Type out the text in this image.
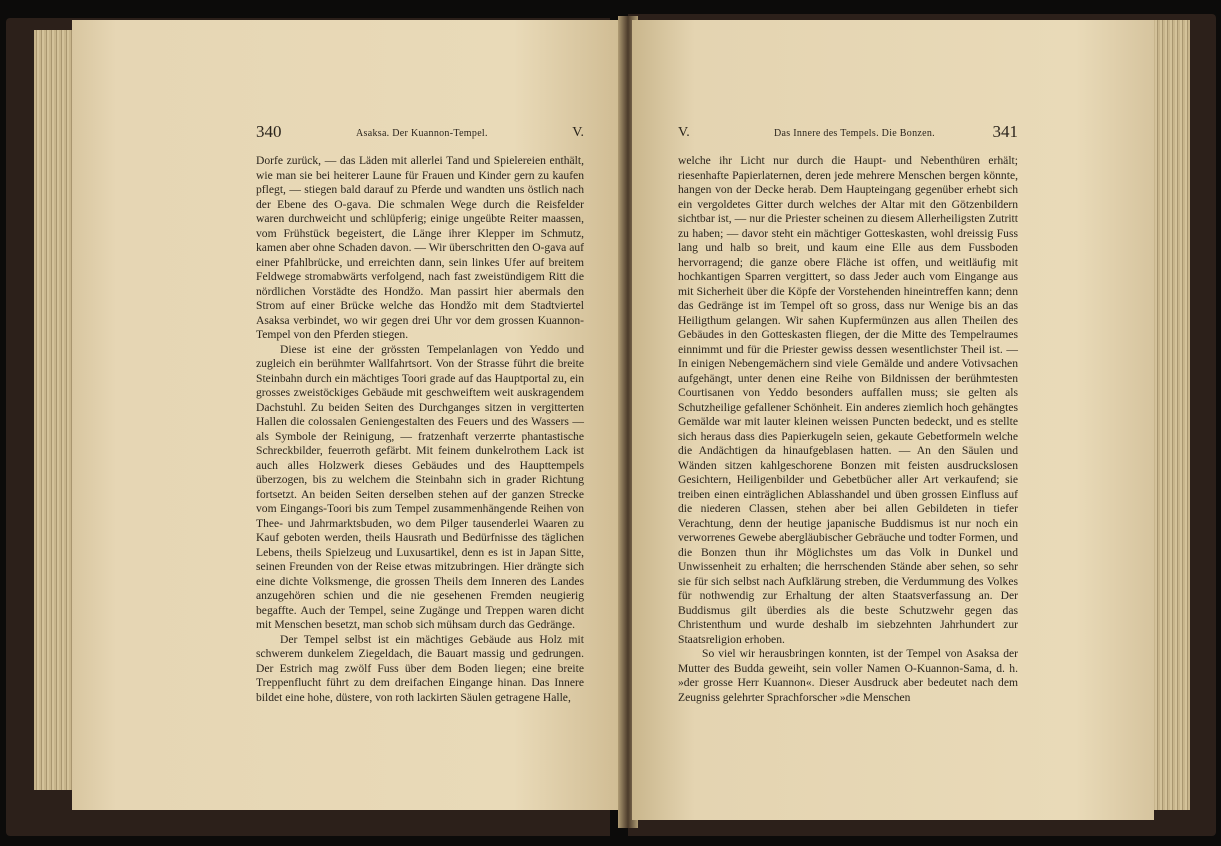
340	Asaksa. Der Kuannon-Tempel.	V.

Dorfe zurück, — das Läden mit allerlei Tand und Spielereien enthält, wie man sie bei heiterer Laune für Frauen und Kinder gern zu kaufen pflegt, — stiegen bald darauf zu Pferde und wandten uns östlich nach der Ebene des O-gava. Die schmalen Wege durch die Reisfelder waren durchweicht und schlüpferig; einige ungeübte Reiter maassen, vom Frühstück begeistert, die Länge ihrer Klepper im Schmutz, kamen aber ohne Schaden davon. — Wir überschritten den O-gava auf einer Pfahlbrücke, und erreichten dann, sein linkes Ufer auf breitem Feldwege stromabwärts verfolgend, nach fast zweistündigem Ritt die nördlichen Vorstädte des Hondžo. Man passirt hier abermals den Strom auf einer Brücke welche das Hondžo mit dem Stadtviertel Asaksa verbindet, wo wir gegen drei Uhr vor dem grossen Kuannon-Tempel von den Pferden stiegen.

Diese ist eine der grössten Tempelanlagen von Yeddo und zugleich ein berühmter Wallfahrtsort. Von der Strasse führt die breite Steinbahn durch ein mächtiges Toori grade auf das Hauptportal zu, ein grosses zweistöckiges Gebäude mit geschweiftem weit auskragendem Dachstuhl. Zu beiden Seiten des Durchganges sitzen in vergitterten Hallen die colossalen Geniengestalten des Feuers und des Wassers — als Symbole der Reinigung, — fratzenhaft verzerrte phantastische Schreckbilder, feuerroth gefärbt. Mit feinem dunkelrothem Lack ist auch alles Holzwerk dieses Gebäudes und des Haupttempels überzogen, bis zu welchem die Steinbahn sich in grader Richtung fortsetzt. An beiden Seiten derselben stehen auf der ganzen Strecke vom Eingangs-Toori bis zum Tempel zusammenhängende Reihen von Thee- und Jahrmarktsbuden, wo dem Pilger tausenderlei Waaren zu Kauf geboten werden, theils Hausrath und Bedürfnisse des täglichen Lebens, theils Spielzeug und Luxusartikel, denn es ist in Japan Sitte, seinen Freunden von der Reise etwas mitzubringen. Hier drängte sich eine dichte Volksmenge, die grossen Theils dem Inneren des Landes anzugehören schien und die nie gesehenen Fremden neugierig begaffte. Auch der Tempel, seine Zugänge und Treppen waren dicht mit Menschen besetzt, man schob sich mühsam durch das Gedränge.

Der Tempel selbst ist ein mächtiges Gebäude aus Holz mit schwerem dunkelem Ziegeldach, die Bauart massig und gedrungen. Der Estrich mag zwölf Fuss über dem Boden liegen; eine breite Treppenflucht führt zu dem dreifachen Eingange hinan. Das Innere bildet eine hohe, düstere, von roth lackirten Säulen getragene Halle,

V.	Das Innere des Tempels. Die Bonzen.	341

welche ihr Licht nur durch die Haupt- und Nebenthüren erhält; riesenhafte Papierlaternen, deren jede mehrere Menschen bergen könnte, hangen von der Decke herab. Dem Haupteingang gegenüber erhebt sich ein vergoldetes Gitter durch welches der Altar mit den Götzenbildern sichtbar ist, — nur die Priester scheinen zu diesem Allerheiligsten Zutritt zu haben; — davor steht ein mächtiger Gotteskasten, wohl dreissig Fuss lang und halb so breit, und kaum eine Elle aus dem Fussboden hervorragend; die ganze obere Fläche ist offen, und weitläufig mit hochkantigen Sparren vergittert, so dass Jeder auch vom Eingange aus mit Sicherheit über die Köpfe der Vorstehenden hineintreffen kann; denn das Gedränge ist im Tempel oft so gross, dass nur Wenige bis an das Heiligthum gelangen. Wir sahen Kupfermünzen aus allen Theilen des Gebäudes in den Gotteskasten fliegen, der die Mitte des Tempelraumes einnimmt und für die Priester gewiss dessen wesentlichster Theil ist. — In einigen Nebengemächern sind viele Gemälde und andere Votivsachen aufgehängt, unter denen eine Reihe von Bildnissen der berühmtesten Courtisanen von Yeddo besonders auffallen muss; sie gelten als Schutzheilige gefallener Schönheit. Ein anderes ziemlich hoch gehängtes Gemälde war mit lauter kleinen weissen Puncten bedeckt, und es stellte sich heraus dass dies Papierkugeln seien, gekaute Gebetformeln welche die Andächtigen da hinaufgeblasen hatten. — An den Säulen und Wänden sitzen kahlgeschorene Bonzen mit feisten ausdruckslosen Gesichtern, Heiligenbilder und Gebetbücher aller Art verkaufend; sie treiben einen einträglichen Ablasshandel und üben grossen Einfluss auf die niederen Classen, stehen aber bei allen Gebildeten in tiefer Verachtung, denn der heutige japanische Buddismus ist nur noch ein verworrenes Gewebe abergläubischer Gebräuche und todter Formen, und die Bonzen thun ihr Möglichstes um das Volk in Dunkel und Unwissenheit zu erhalten; die herrschenden Stände aber sehen, so sehr sie für sich selbst nach Aufklärung streben, die Verdummung des Volkes für nothwendig zur Erhaltung der alten Staatsverfassung an. Der Buddismus gilt überdies als die beste Schutzwehr gegen das Christenthum und wurde deshalb im siebzehnten Jahrhundert zur Staatsreligion erhoben.

So viel wir herausbringen konnten, ist der Tempel von Asaksa der Mutter des Budda geweiht, sein voller Namen O-Kuannon-Sama, d. h. »der grosse Herr Kuannon«. Dieser Ausdruck aber bedeutet nach dem Zeugniss gelehrter Sprachforscher »die Menschen
